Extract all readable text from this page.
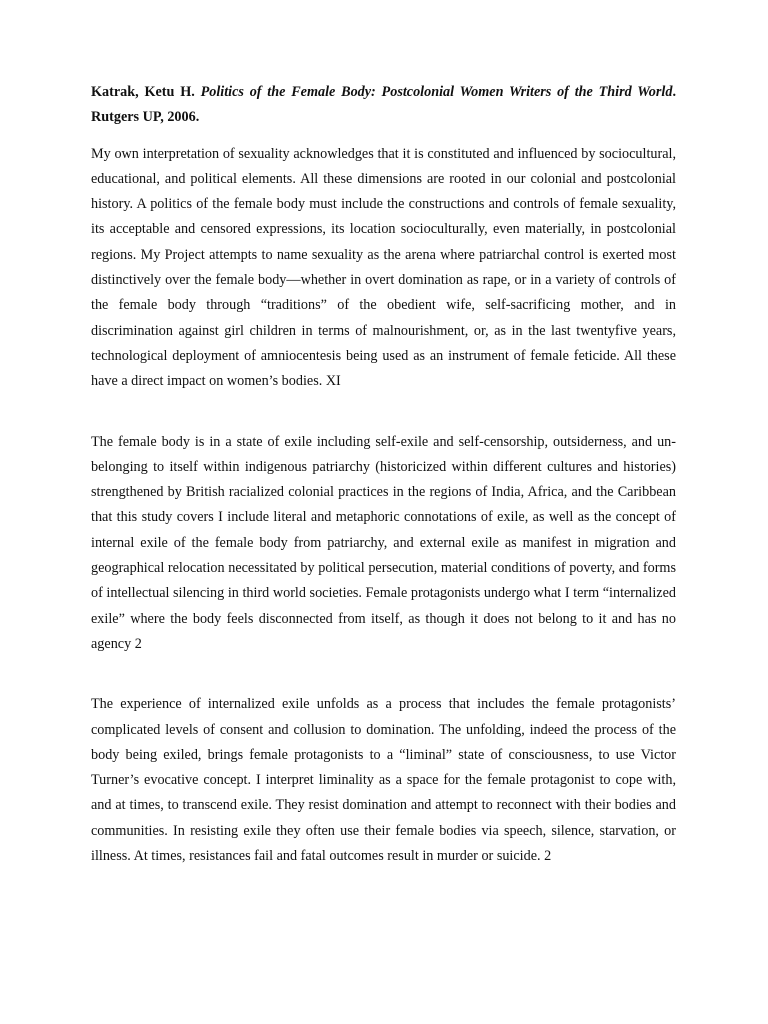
Katrak, Ketu H. Politics of the Female Body: Postcolonial Women Writers of the Third World. Rutgers UP, 2006.

My own interpretation of sexuality acknowledges that it is constituted and influenced by sociocultural, educational, and political elements. All these dimensions are rooted in our colonial and postcolonial history. A politics of the female body must include the constructions and controls of female sexuality, its acceptable and censored expressions, its location socioculturally, even materially, in postcolonial regions. My Project attempts to name sexuality as the arena where patriarchal control is exerted most distinctively over the female body—whether in overt domination as rape, or in a variety of controls of the female body through “traditions” of the obedient wife, self-sacrificing mother, and in discrimination against girl children in terms of malnourishment, or, as in the last twentyfive years, technological deployment of amniocentesis being used as an instrument of female feticide. All these have a direct impact on women’s bodies. XI

The female body is in a state of exile including self-exile and self-censorship, outsiderness, and un-belonging to itself within indigenous patriarchy (historicized within different cultures and histories) strengthened by British racialized colonial practices in the regions of India, Africa, and the Caribbean that this study covers I include literal and metaphoric connotations of exile, as well as the concept of internal exile of the female body from patriarchy, and external exile as manifest in migration and geographical relocation necessitated by political persecution, material conditions of poverty, and forms of intellectual silencing in third world societies. Female protagonists undergo what I term “internalized exile” where the body feels disconnected from itself, as though it does not belong to it and has no agency 2

The experience of internalized exile unfolds as a process that includes the female protagonists’ complicated levels of consent and collusion to domination. The unfolding, indeed the process of the body being exiled, brings female protagonists to a “liminal” state of consciousness, to use Victor Turner’s evocative concept. I interpret liminality as a space for the female protagonist to cope with, and at times, to transcend exile. They resist domination and attempt to reconnect with their bodies and communities. In resisting exile they often use their female bodies via speech, silence, starvation, or illness. At times, resistances fail and fatal outcomes result in murder or suicide. 2
